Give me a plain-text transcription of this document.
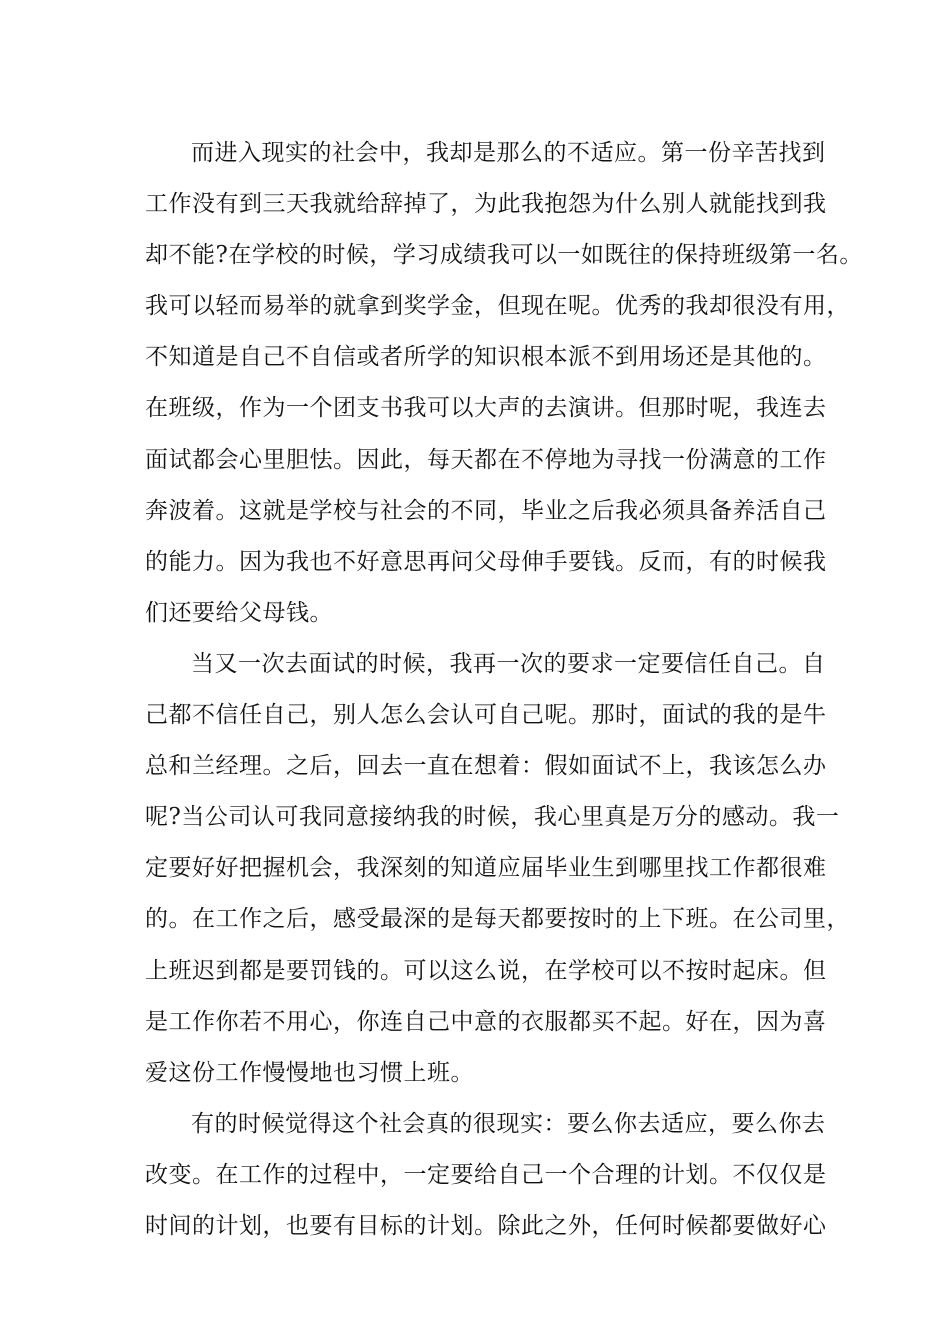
而进入现实的社会中，我却是那么的不适应。第一份辛苦找到
工作没有到三天我就给辞掉了，为此我抱怨为什么别人就能找到我
却不能?在学校的时候，学习成绩我可以一如既往的保持班级第一名。
我可以轻而易举的就拿到奖学金，但现在呢。优秀的我却很没有用，
不知道是自己不自信或者所学的知识根本派不到用场还是其他的。
在班级，作为一个团支书我可以大声的去演讲。但那时呢，我连去
面试都会心里胆怯。因此，每天都在不停地为寻找一份满意的工作
奔波着。这就是学校与社会的不同，毕业之后我必须具备养活自己
的能力。因为我也不好意思再问父母伸手要钱。反而，有的时候我
们还要给父母钱。
当又一次去面试的时候，我再一次的要求一定要信任自己。自
己都不信任自己，别人怎么会认可自己呢。那时，面试的我的是牛
总和兰经理。之后，回去一直在想着：假如面试不上，我该怎么办
呢?当公司认可我同意接纳我的时候，我心里真是万分的感动。我一
定要好好把握机会，我深刻的知道应届毕业生到哪里找工作都很难
的。在工作之后，感受最深的是每天都要按时的上下班。在公司里，
上班迟到都是要罚钱的。可以这么说，在学校可以不按时起床。但
是工作你若不用心，你连自己中意的衣服都买不起。好在，因为喜
爱这份工作慢慢地也习惯上班。
有的时候觉得这个社会真的很现实：要么你去适应，要么你去
改变。在工作的过程中，一定要给自己一个合理的计划。不仅仅是
时间的计划，也要有目标的计划。除此之外，任何时候都要做好心
